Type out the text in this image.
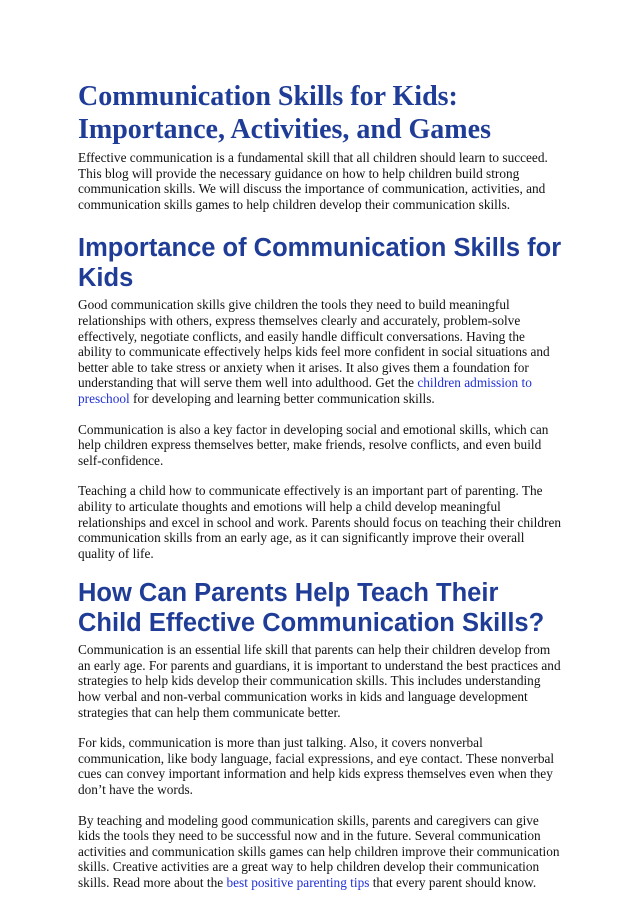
Communication Skills for Kids: Importance, Activities, and Games

Effective communication is a fundamental skill that all children should learn to succeed. This blog will provide the necessary guidance on how to help children build strong communication skills. We will discuss the importance of communication, activities, and communication skills games to help children develop their communication skills.

Importance of Communication Skills for Kids

Good communication skills give children the tools they need to build meaningful relationships with others, express themselves clearly and accurately, problem-solve effectively, negotiate conflicts, and easily handle difficult conversations. Having the ability to communicate effectively helps kids feel more confident in social situations and better able to take stress or anxiety when it arises. It also gives them a foundation for understanding that will serve them well into adulthood. Get the children admission to preschool for developing and learning better communication skills.

Communication is also a key factor in developing social and emotional skills, which can help children express themselves better, make friends, resolve conflicts, and even build self-confidence.

Teaching a child how to communicate effectively is an important part of parenting. The ability to articulate thoughts and emotions will help a child develop meaningful relationships and excel in school and work. Parents should focus on teaching their children communication skills from an early age, as it can significantly improve their overall quality of life.

How Can Parents Help Teach Their Child Effective Communication Skills?

Communication is an essential life skill that parents can help their children develop from an early age. For parents and guardians, it is important to understand the best practices and strategies to help kids develop their communication skills. This includes understanding how verbal and non-verbal communication works in kids and language development strategies that can help them communicate better.

For kids, communication is more than just talking. Also, it covers nonverbal communication, like body language, facial expressions, and eye contact. These nonverbal cues can convey important information and help kids express themselves even when they don’t have the words.

By teaching and modeling good communication skills, parents and caregivers can give kids the tools they need to be successful now and in the future. Several communication activities and communication skills games can help children improve their communication skills. Creative activities are a great way to help children develop their communication skills. Read more about the best positive parenting tips that every parent should know.
